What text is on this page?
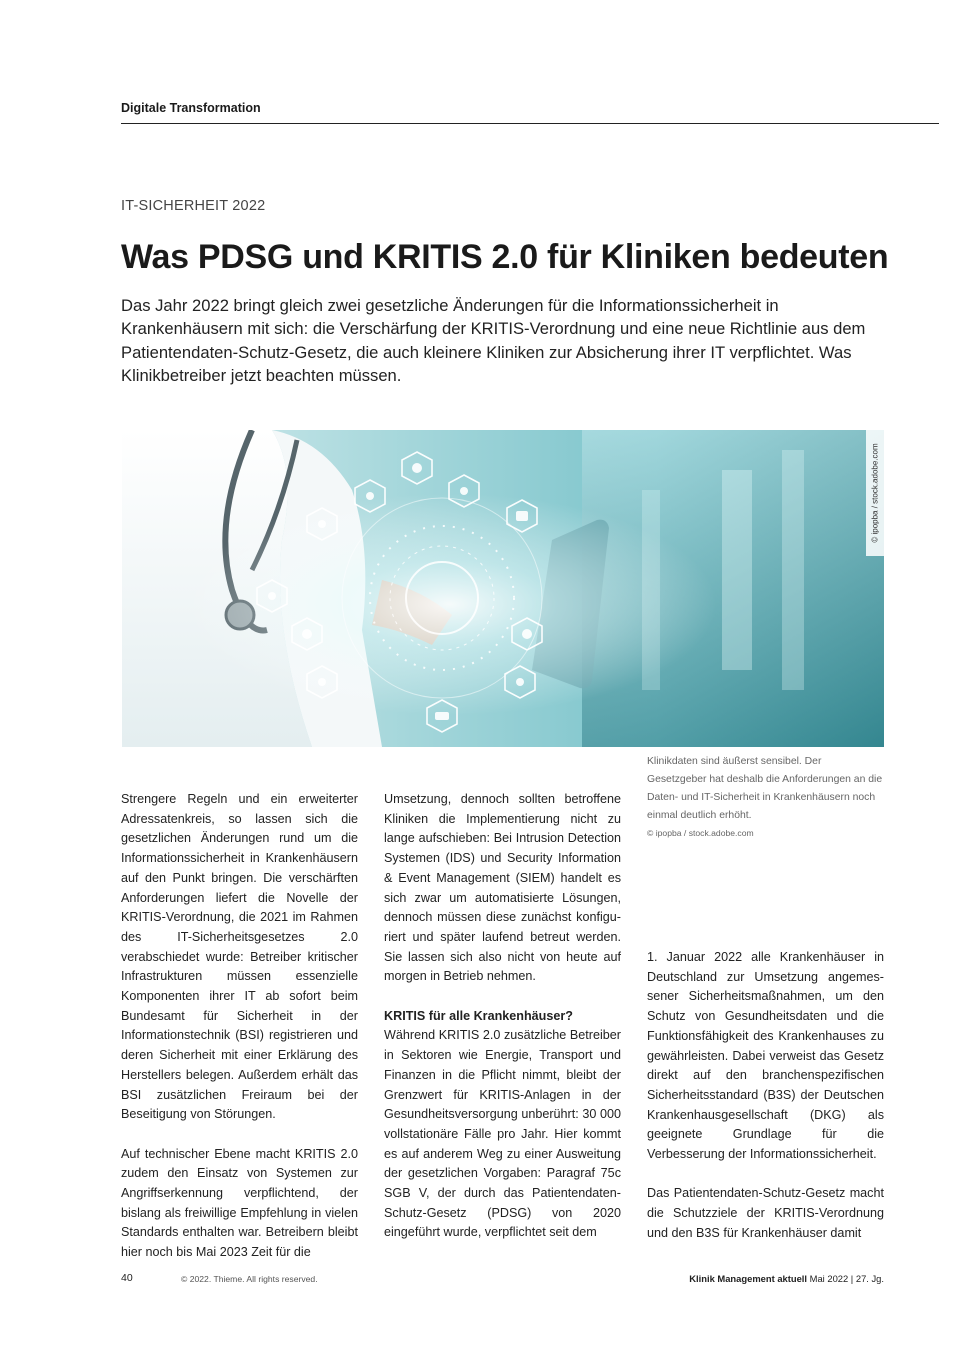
Digitale Transformation
IT-SICHERHEIT 2022
Was PDSG und KRITIS 2.0 für Kliniken bedeuten

Das Jahr 2022 bringt gleich zwei gesetzliche Änderungen für die Informationssicherheit in Krankenhäusern mit sich: die Verschärfung der KRITIS-Verordnung und eine neue Richtlinie aus dem Patientendaten-Schutz-Gesetz, die auch kleinere Kliniken zur Absicherung ihrer IT verpflichtet. Was Klinikbetreiber jetzt beachten müssen.

© ipopba / stock.adobe.com
Klinikdaten sind äußerst sensibel. Der Gesetzgeber hat deshalb die Anforderungen an die Daten- und IT-Sicherheit in Krankenhäusern noch einmal deutlich erhöht.
© ipopba / stock.adobe.com

Strengere Regeln und ein erweiterter Adressatenkreis, so lassen sich die gesetzlichen Änderungen rund um die Informationssicherheit in Krankenhäusern auf den Punkt bringen. Die verschärften Anforderungen liefert die Novelle der KRITIS-Verordnung, die 2021 im Rahmen des IT-Sicherheitsgesetzes 2.0 verabschiedet wurde: Betreiber kritischer Infrastrukturen müssen essenzielle Komponenten ihrer IT ab sofort beim Bundesamt für Sicherheit in der Informationstechnik (BSI) registrieren und deren Sicherheit mit einer Erklärung des Herstellers belegen. Außerdem erhält das BSI zusätzlichen Freiraum bei der Beseitigung von Störungen.

Auf technischer Ebene macht KRITIS 2.0 zudem den Einsatz von Systemen zur Angriffserkennung verpflichtend, der bislang als freiwillige Empfehlung in vielen Standards enthalten war. Betreibern bleibt hier noch bis Mai 2023 Zeit für die

Umsetzung, dennoch sollten betroffene Kliniken die Implementierung nicht zu lange aufschieben: Bei Intrusion Detection Systemen (IDS) und Security Information & Event Management (SIEM) handelt es sich zwar um automatisierte Lösungen, dennoch müssen diese zunächst konfiguriert und später laufend betreut werden. Sie lassen sich also nicht von heute auf morgen in Betrieb nehmen.

KRITIS für alle Krankenhäuser?
Während KRITIS 2.0 zusätzliche Betreiber in Sektoren wie Energie, Transport und Finanzen in die Pflicht nimmt, bleibt der Grenzwert für KRITIS-Anlagen in der Gesundheitsversorgung unberührt: 30 000 vollstationäre Fälle pro Jahr. Hier kommt es auf anderem Weg zu einer Ausweitung der gesetzlichen Vorgaben: Paragraf 75c SGB V, der durch das Patientendaten-Schutz-Gesetz (PDSG) von 2020 eingeführt wurde, verpflichtet seit dem

1. Januar 2022 alle Krankenhäuser in Deutschland zur Umsetzung angemessener Sicherheitsmaßnahmen, um den Schutz von Gesundheitsdaten und die Funktionsfähigkeit des Krankenhauses zu gewährleisten. Dabei verweist das Gesetz direkt auf den branchenspezifischen Sicherheitsstandard (B3S) der Deutschen Krankenhausgesellschaft (DKG) als geeignete Grundlage für die Verbesserung der Informationssicherheit.

Das Patientendaten-Schutz-Gesetz macht die Schutzziele der KRITIS-Verordnung und den B3S für Krankenhäuser damit

40	© 2022. Thieme. All rights reserved.	Klinik Management aktuell Mai 2022 | 27. Jg.
